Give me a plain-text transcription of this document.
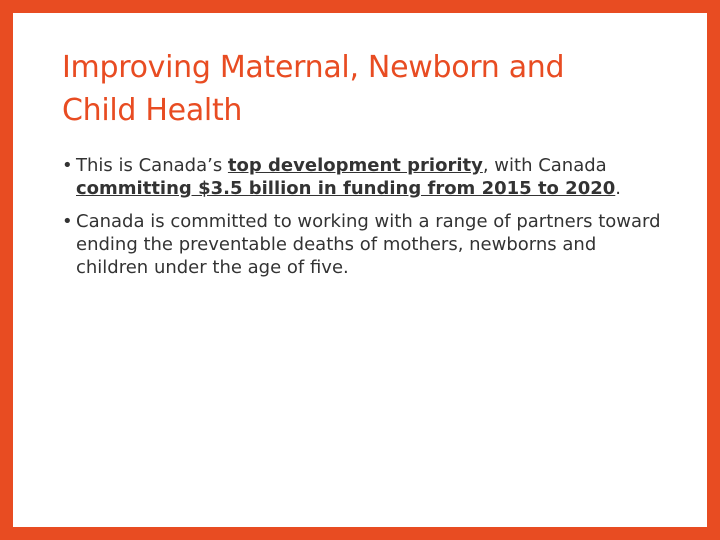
Improving Maternal, Newborn and
Child Health
• This is Canada’s top development priority, with Canada committing $3.5 billion in funding from 2015 to 2020.
• Canada is committed to working with a range of partners toward ending the preventable deaths of mothers, newborns and children under the age of five.
